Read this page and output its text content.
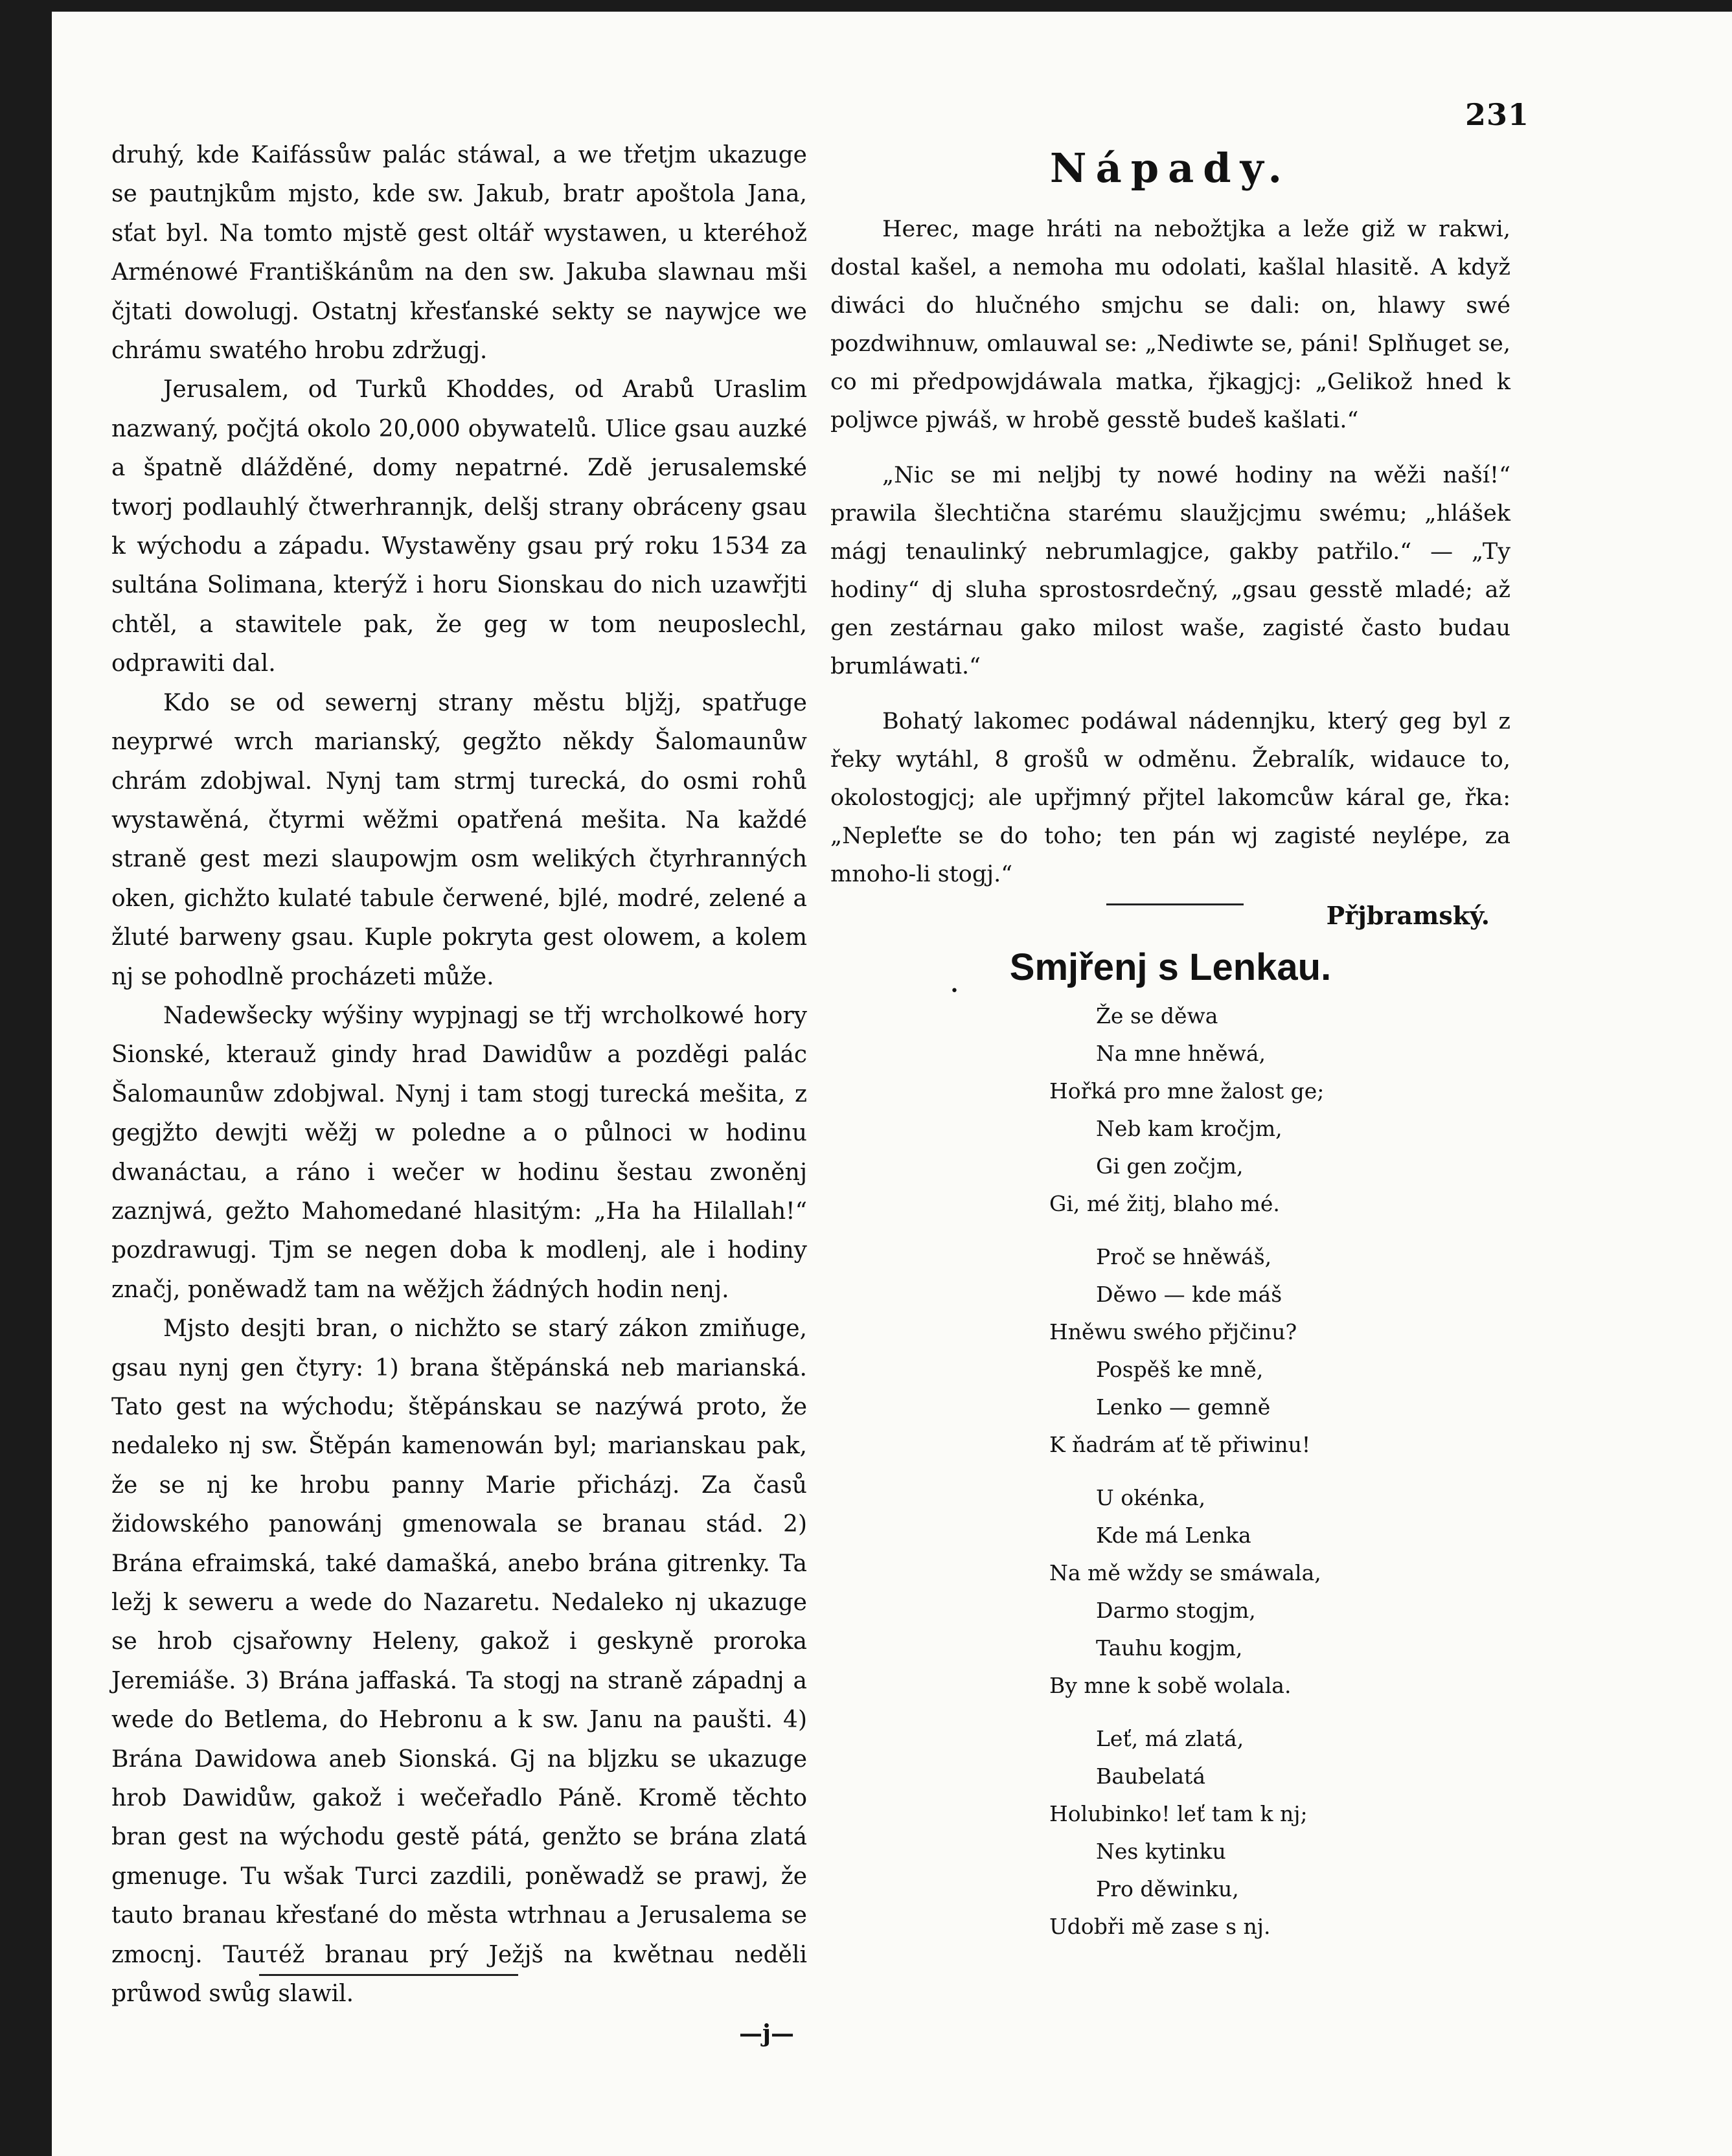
231

druhý, kde Kaifássůw palác stáwal, a we třetjm ukazuge se pautnjkům mjsto, kde sw. Jakub, bratr apoštola Jana, sťat byl. Na tomto mjstě gest oltář wystawen, u kteréhož Arménowé Františkánům na den sw. Jakuba slawnau mši čjtati dowolugj. Ostatnj křesťanské sekty se naywjce we chrámu swatého hrobu zdržugj.

Jerusalem, od Turků Khoddes, od Arabů Uraslim nazwaný, počjtá okolo 20,000 obywatelů. Ulice gsau auzké a špatně dlážděné, domy nepatrné. Zdě jerusalemské tworj podlauhlý čtwerhrannjk, delšj strany obráceny gsau k wýchodu a západu. Wystawěny gsau prý roku 1534 za sultána Solimana, kterýž i horu Sionskau do nich uzawřjti chtěl, a stawitele pak, že geg w tom neuposlechl, odprawiti dal.

Kdo se od sewernj strany městu blјžj, spatřuge neyprwé wrch marianský, gegžto někdy Šalomaunůw chrám zdobjwal. Nynj tam strmj turecká, do osmi rohů wystawěná, čtyrmi wěžmi opatřená mešita. Na každé straně gest mezi slaupowjm osm welikých čtyrhranných oken, gichžto kulaté tabule čerwené, bjlé, modré, zelené a žluté barweny gsau. Kuple pokryta gest olowem, a kolem nj se pohodlně procházeti může.

Nadewšecky wýšiny wypjnagj se třj wrcholkowé hory Sionské, kterauž gindy hrad Dawidůw a pozděgi palác Šalomaunůw zdobjwal. Nynj i tam stogj turecká mešita, z gegjžto dewjti wěžj w poledne a o půlnoci w hodinu dwanáctau, a ráno i wečer w hodinu šestau zwoněnj zaznjwá, gežto Mahomedané hlasitým: „Ha ha Hilallah!“ pozdrawugj. Tjm se negen doba k modlenj, ale i hodiny značj, poněwadž tam na wěžjch žádných hodin nenj.

Mjsto desjti bran, o nichžto se starý zákon zmiňuge, gsau nynj gen čtyry: 1) brana štěpánská neb marianská. Tato gest na wýchodu; štěpánskau se nazýwá proto, že nedaleko nj sw. Štěpán kamenowán byl; marianskau pak, že se nj ke hrobu panny Marie přicházj. Za časů židowského panowánj gmenowala se branau stád. 2) Brána efraimská, také damašká, anebo brána gitrenky. Ta ležj k seweru a wede do Nazaretu. Nedaleko nj ukazuge se hrob cjsařowny Heleny, gakož i geskyně proroka Jeremiáše. 3) Brána jaffaská. Ta stogj na straně západnj a wede do Betlema, do Hebronu a k sw. Janu na paušti. 4) Brána Dawidowa aneb Sionská. Gj na blјzku se ukazuge hrob Dawidůw, gakož i wečeřadlo Páně. Kromě těchto bran gest na wýchodu gestě pátá, genžto se brána zlatá gmenuge. Tu wšak Turci zazdili, poněwadž se prawj, že tauto branau křesťané do města wtrhnau a Jerusalema se zmocnj. Tauτéž branau prý Ježjš na kwětnau neděli průwod swůg slawil.

—j—
Nápady.

Herec, mage hráti na nebožtjka a leže giž w rakwi, dostal kašel, a nemoha mu odolati, kašlal hlasitě. A když diwáci do hlučného smjchu se dali: on, hlawy swé pozdwihnuw, omlauwal se: „Nediwte se, páni! Splňuget se, co mi předpowjdáwala matka, řjkagjcj: „Gelikož hned k poljwce pjwáš, w hrobě gesstě budeš kašlati.“

„Nic se mi nelјbj ty nowé hodiny na wěži naší!“ prawila šlechtična starému slaužjcjmu swému; „hlášek mágj tenaulinký nebrumlagjce, gakby patřilo.“ — „Ty hodiny“ dj sluha sprostosrdečný, „gsau gesstě mladé; až gen zestárnau gako milost waše, zagisté často budau brumláwati.“

Bohatý lakomec podáwal nádennjku, který geg byl z řeky wytáhl, 8 grošů w odměnu. Žebralík, widauce to, okolostogjcj; ale upřjmný přjtel lakomcůw káral ge, řka: „Nepleťte se do toho; ten pán wj zagisté neylépe, za mnoho-li stogj.“

Přjbramský.
•
Smjřenj s Lenkau.
Že se děwa
Na mne hněwá,
Hořká pro mne žalost ge;
Neb kam kročjm,
Gi gen zočjm,
Gi, mé žitj, blaho mé.
Proč se hněwáš,
Děwo — kde máš
Hněwu swého přjčinu?
Pospěš ke mně,
Lenko — gemně
K ňadrám ať tě přiwinu!
U okénka,
Kde má Lenka
Na mě wždy se smáwala,
Darmo stogjm,
Tauhu kogjm,
By mne k sobě wolala.
Leť, má zlatá,
Baubelatá
Holubinko! leť tam k nj;
Nes kytinku
Pro děwinku,
Udobři mě zase s nj.
